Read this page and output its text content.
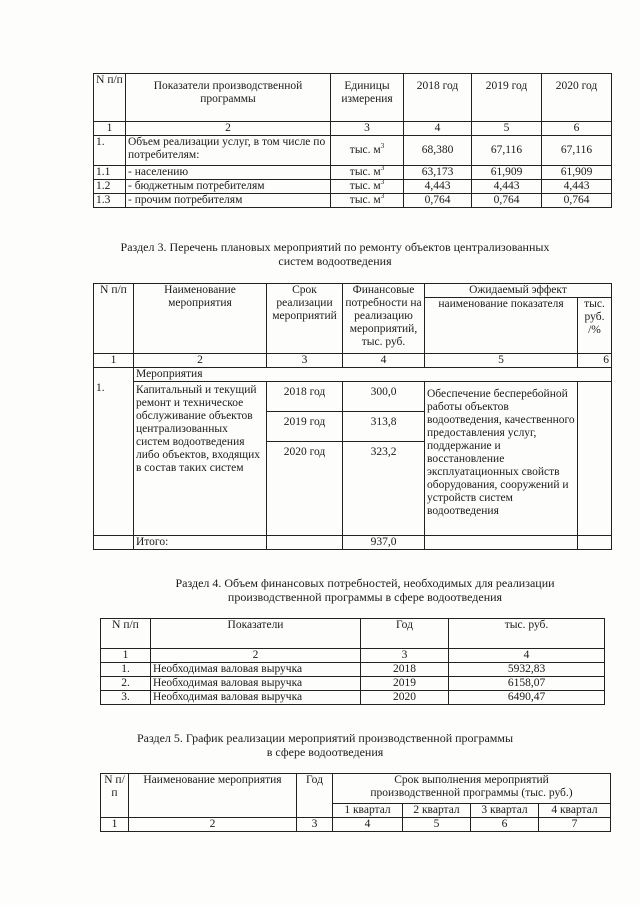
N п/п	Показатели производственной программы	Единицы измерения	2018 год	2019 год	2020 год
1	2	3	4	5	6
1.	Объем реализации услуг, в том числе по потребителям:	тыс. $м^3$	68,380	67,116	67,116
1.1	- населению	тыс. $м^3$	63,173	61,909	61,909
1.2	- бюджетным потребителям	тыс. $м^3$	4,443	4,443	4,443
1.3	- прочим потребителям	тыс. $м^3$	0,764	0,764	0,764
Раздел 3. Перечень плановых мероприятий по ремонту объектов централизованных
систем водоотведения
N п/п	Наименование мероприятия	Срок реализации мероприятий	Финансовые потребности на реализацию мероприятий, тыс. руб.	Ожидаемый эффект	
				наименование показателя	тыс. руб. /%
1	2	3	4	5	6
	Мероприятия				
1.	Капитальный и текущий ремонт и техническое обслуживание объектов централизованных систем водоотведения либо объектов, входящих в состав таких систем	2018 год	300,0	Обеспечение бесперебойной работы объектов водоотведения, качественного предоставления услуг, поддержание и восстановление эксплуатационных свойств оборудования, сооружений и устройств систем водоотведения	
		2019 год	313,8		
		2020 год	323,2		
	Итого:		937,0		
Раздел 4. Объем финансовых потребностей, необходимых для реализации
производственной программы в сфере водоотведения
N п/п	Показатели	Год	тыс. руб.
1	2	3	4
1.	Необходимая валовая выручка	2018	5932,83
2.	Необходимая валовая выручка	2019	6158,07
3.	Необходимая валовая выручка	2020	6490,47
Раздел 5. График реализации мероприятий производственной программы
в сфере водоотведения
N п/п	Наименование мероприятия	Год	Срок выполнения мероприятий производственной программы (тыс. руб.)			
			1 квартал	2 квартал	3 квартал	4 квартал
1	2	3	4	5	6	7
